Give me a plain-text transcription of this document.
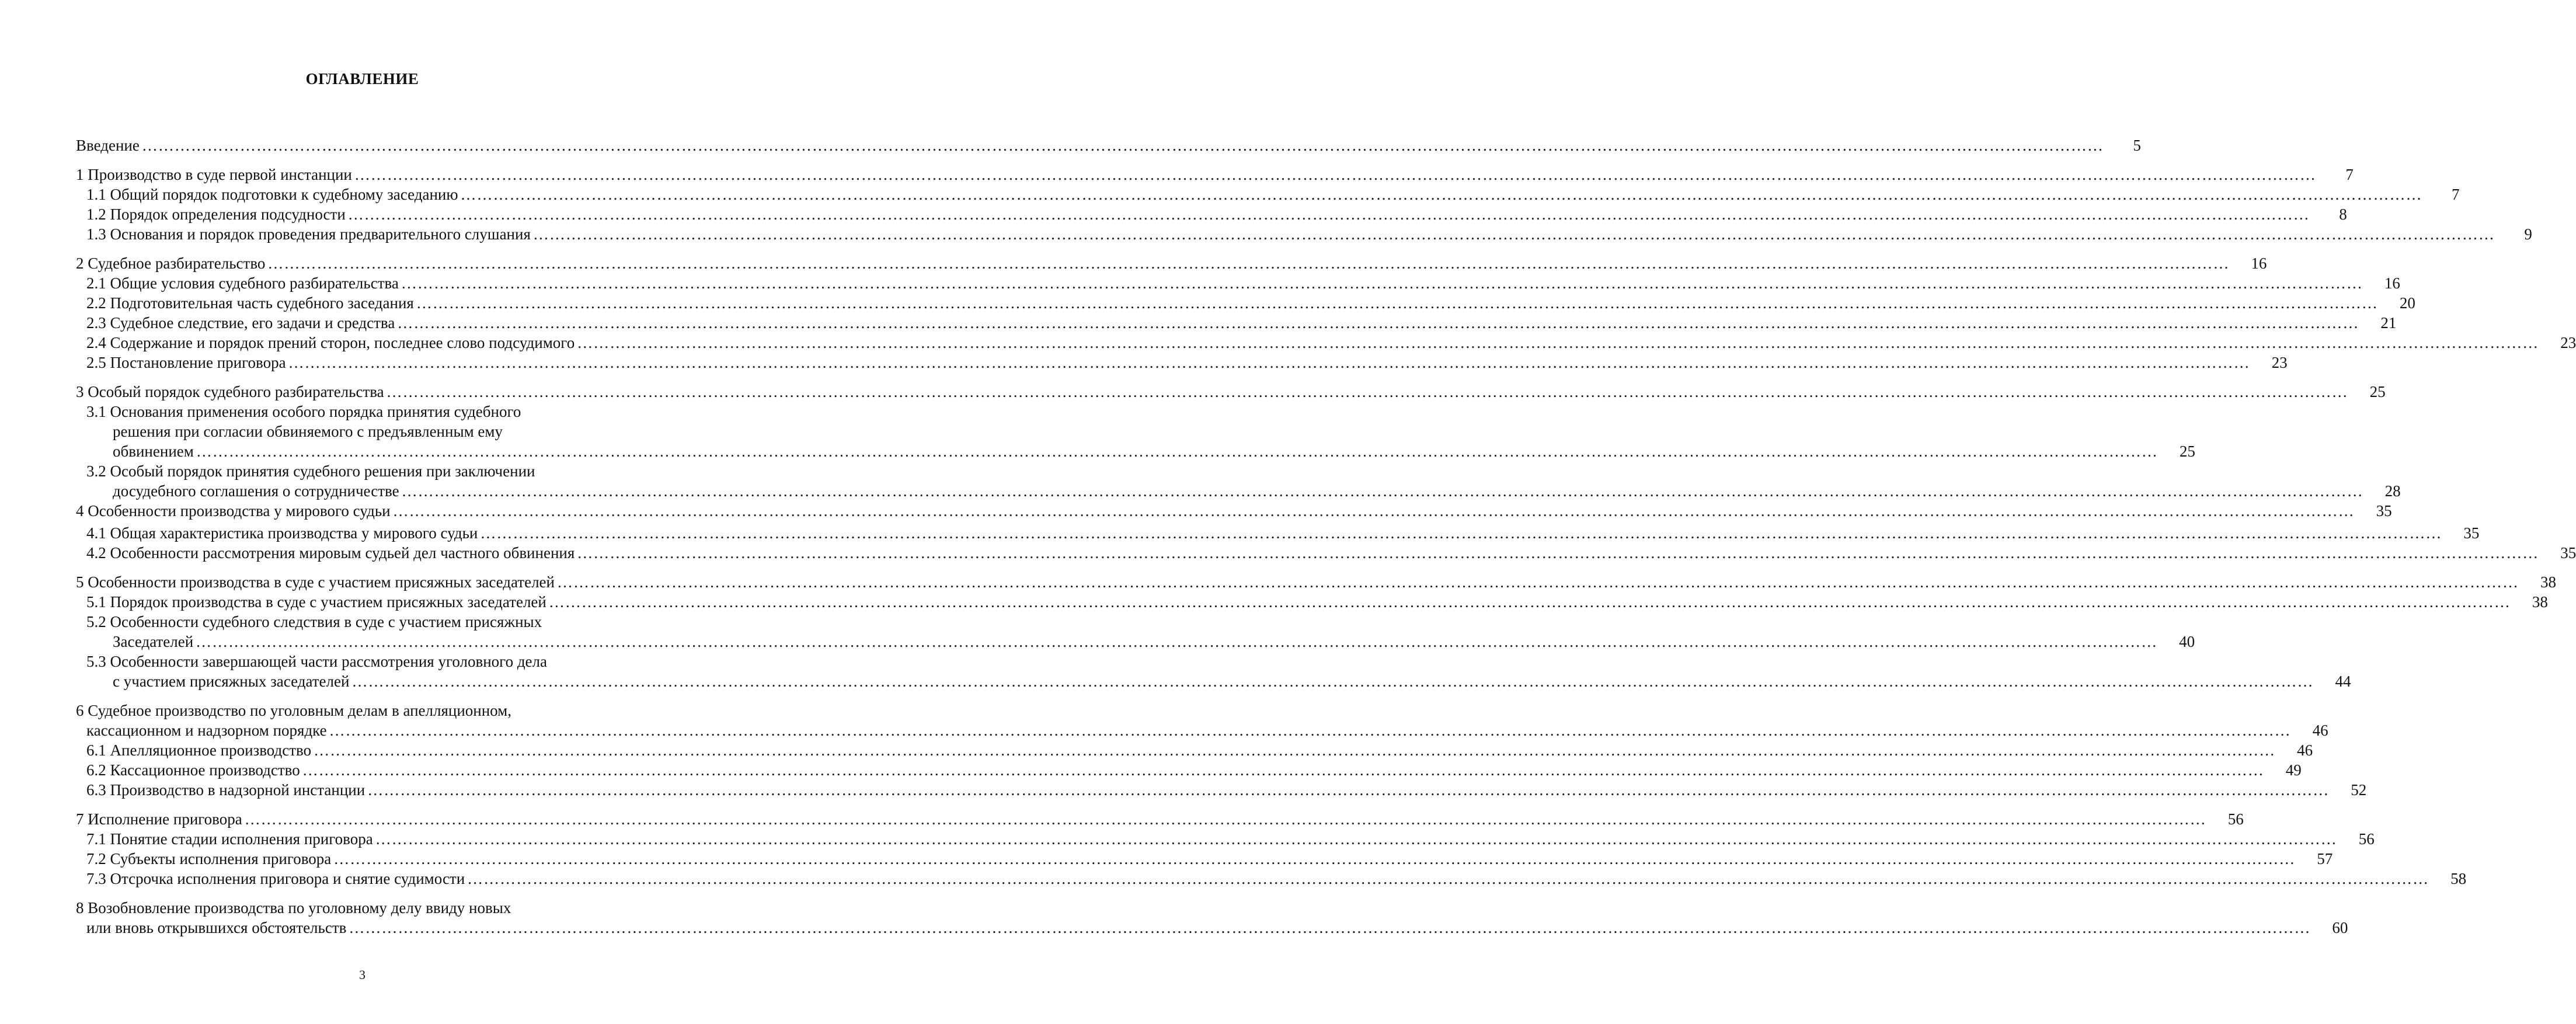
ОГЛАВЛЕНИЕ
Введение ………………………………………………………………………………………………………………………………………………………………………………………………………………………………………………………………………………………………………………………………	5
1 Производство в суде первой инстанции ………………………………………………………………………………………………………………………………………………………………………………………………………………………………………………………………………………………………………………………………	7
1.1 Общий порядок подготовки к судебному заседанию ………………………………………………………………………………………………………………………………………………………………………………………………………………………………………………………………………………………………………………………………	7
1.2 Порядок определения подсудности ………………………………………………………………………………………………………………………………………………………………………………………………………………………………………………………………………………………………………………………………	8
1.3 Основания и порядок проведения предварительного слушания ………………………………………………………………………………………………………………………………………………………………………………………………………………………………………………………………………………………………………………………………	9
2 Судебное разбирательство ………………………………………………………………………………………………………………………………………………………………………………………………………………………………………………………………………………………………………………………………	16
2.1 Общие условия судебного разбирательства ………………………………………………………………………………………………………………………………………………………………………………………………………………………………………………………………………………………………………………………………	16
2.2 Подготовительная часть судебного заседания ………………………………………………………………………………………………………………………………………………………………………………………………………………………………………………………………………………………………………………………………	20
2.3 Судебное следствие, его задачи и средства ………………………………………………………………………………………………………………………………………………………………………………………………………………………………………………………………………………………………………………………………	21
2.4 Содержание и порядок прений сторон, последнее слово подсудимого ………………………………………………………………………………………………………………………………………………………………………………………………………………………………………………………………………………………………………………………………	23
2.5 Постановление приговора ………………………………………………………………………………………………………………………………………………………………………………………………………………………………………………………………………………………………………………………………	23
3 Особый порядок судебного разбирательства ………………………………………………………………………………………………………………………………………………………………………………………………………………………………………………………………………………………………………………………………	25
3.1 Основания применения особого порядка принятия судебного
решения при согласии обвиняемого с предъявленным ему
обвинением ………………………………………………………………………………………………………………………………………………………………………………………………………………………………………………………………………………………………………………………………	25
3.2 Особый порядок принятия судебного решения при заключении
досудебного соглашения о сотрудничестве ………………………………………………………………………………………………………………………………………………………………………………………………………………………………………………………………………………………………………………………………	28
4 Особенности производства у мирового судьи ………………………………………………………………………………………………………………………………………………………………………………………………………………………………………………………………………………………………………………………………	35
4.1 Общая характеристика производства у мирового судьи ………………………………………………………………………………………………………………………………………………………………………………………………………………………………………………………………………………………………………………………………	35
4.2 Особенности рассмотрения мировым судьей дел частного обвинения ………………………………………………………………………………………………………………………………………………………………………………………………………………………………………………………………………………………………………………………………	35
5 Особенности производства в суде с участием присяжных заседателей ………………………………………………………………………………………………………………………………………………………………………………………………………………………………………………………………………………………………………………………………	38
5.1 Порядок производства в суде с участием присяжных заседателей ………………………………………………………………………………………………………………………………………………………………………………………………………………………………………………………………………………………………………………………………	38
5.2 Особенности судебного следствия в суде с участием присяжных
Заседателей ………………………………………………………………………………………………………………………………………………………………………………………………………………………………………………………………………………………………………………………………	40
5.3 Особенности завершающей части рассмотрения уголовного дела
с участием присяжных заседателей ………………………………………………………………………………………………………………………………………………………………………………………………………………………………………………………………………………………………………………………………	44
6 Судебное производство по уголовным делам в апелляционном,
кассационном и надзорном порядке ………………………………………………………………………………………………………………………………………………………………………………………………………………………………………………………………………………………………………………………………	46
6.1 Апелляционное производство ………………………………………………………………………………………………………………………………………………………………………………………………………………………………………………………………………………………………………………………………	46
6.2 Кассационное производство ………………………………………………………………………………………………………………………………………………………………………………………………………………………………………………………………………………………………………………………………	49
6.3 Производство в надзорной инстанции ………………………………………………………………………………………………………………………………………………………………………………………………………………………………………………………………………………………………………………………………	52
7 Исполнение приговора ………………………………………………………………………………………………………………………………………………………………………………………………………………………………………………………………………………………………………………………………	56
7.1 Понятие стадии исполнения приговора ………………………………………………………………………………………………………………………………………………………………………………………………………………………………………………………………………………………………………………………………	56
7.2 Субъекты исполнения приговора ………………………………………………………………………………………………………………………………………………………………………………………………………………………………………………………………………………………………………………………………	57
7.3 Отсрочка исполнения приговора и снятие судимости ………………………………………………………………………………………………………………………………………………………………………………………………………………………………………………………………………………………………………………………………	58
8 Возобновление производства по уголовному делу ввиду новых
или вновь открывшихся обстоятельств ………………………………………………………………………………………………………………………………………………………………………………………………………………………………………………………………………………………………………………………………	60
3
